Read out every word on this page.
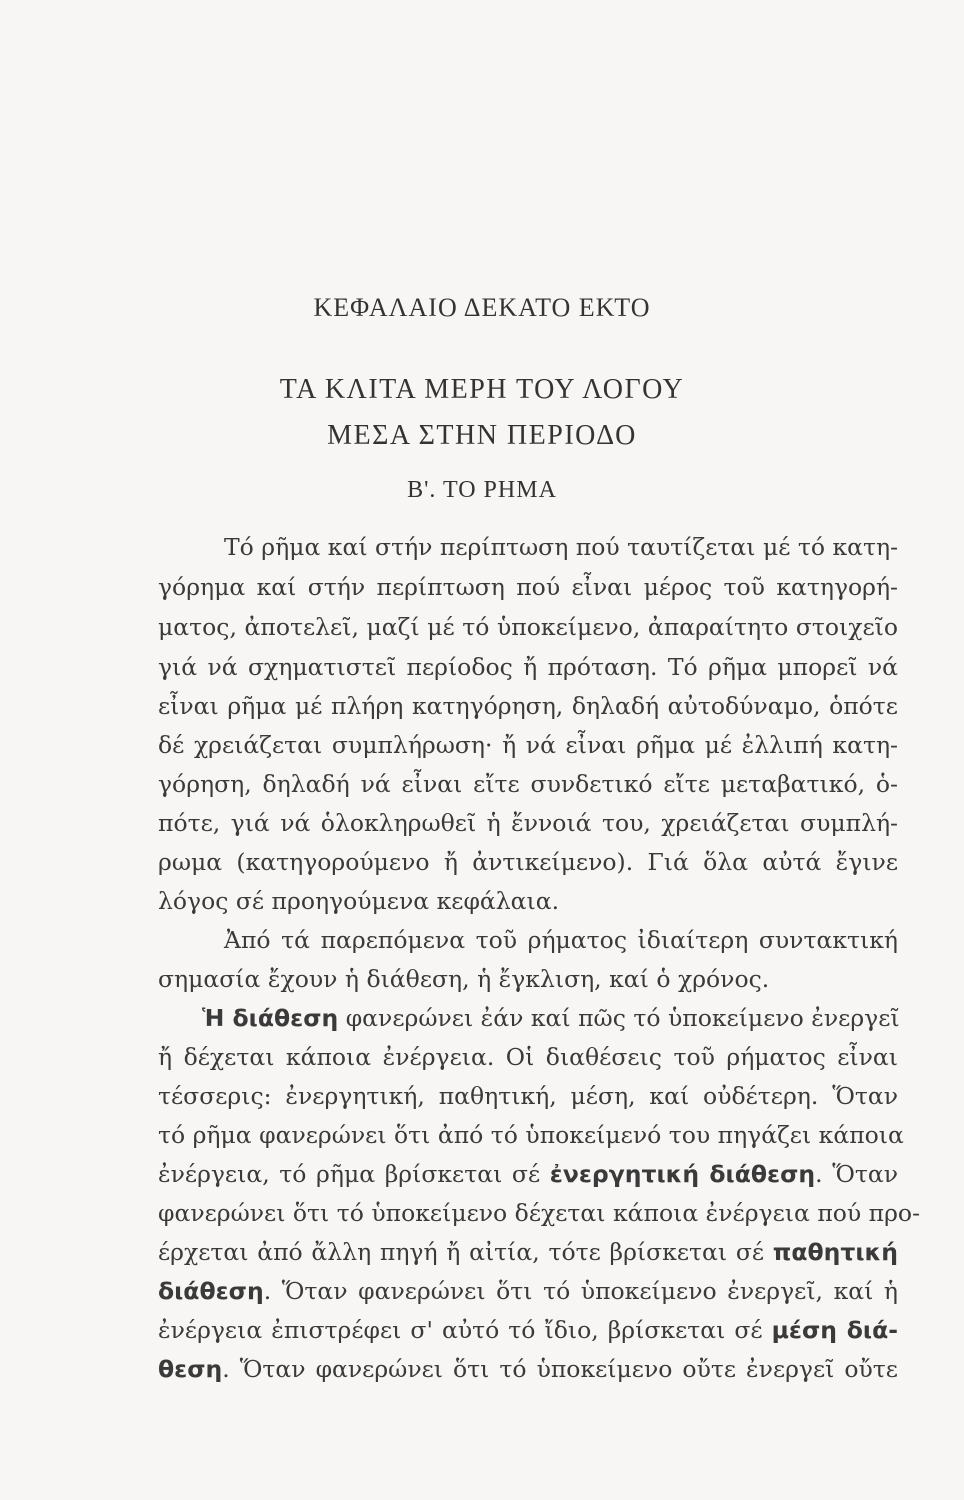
ΚΕΦΑΛΑΙΟ ΔΕΚΑΤΟ ΕΚΤΟ
ΤΑ ΚΛΙΤΑ ΜΕΡΗ ΤΟΥ ΛΟΓΟΥ
ΜΕΣΑ ΣΤΗΝ ΠΕΡΙΟΔΟ
Β'. ΤΟ ΡΗΜΑ
Τό ρῆμα καί στήν περίπτωση πού ταυτίζεται μέ τό κατη-
γόρημα καί στήν περίπτωση πού εἶναι μέρος τοῦ κατηγορή-
ματος, ἀποτελεῖ, μαζί μέ τό ὑποκείμενο, ἀπαραίτητο στοιχεῖο
γιά νά σχηματιστεῖ περίοδος ἤ πρόταση. Τό ρῆμα μπορεῖ νά
εἶναι ρῆμα μέ πλήρη κατηγόρηση, δηλαδή αὐτοδύναμο, ὁπότε
δέ χρειάζεται συμπλήρωση· ἤ νά εἶναι ρῆμα μέ ἐλλιπή κατη-
γόρηση, δηλαδή νά εἶναι εἴτε συνδετικό εἴτε μεταβατικό, ὁ-
πότε, γιά νά ὁλοκληρωθεῖ ἡ ἔννοιά του, χρειάζεται συμπλή-
ρωμα (κατηγορούμενο ἤ ἀντικείμενο). Γιά ὅλα αὐτά ἔγινε
λόγος σέ προηγούμενα κεφάλαια.
Ἀπό τά παρεπόμενα τοῦ ρήματος ἰδιαίτερη συντακτική
σημασία ἔχουν ἡ διάθεση, ἡ ἔγκλιση, καί ὁ χρόνος.
Ἡ διάθεση φανερώνει ἐάν καί πῶς τό ὑποκείμενο ἐνεργεῖ
ἤ δέχεται κάποια ἐνέργεια. Οἱ διαθέσεις τοῦ ρήματος εἶναι
τέσσερις: ἐνεργητική, παθητική, μέση, καί οὐδέτερη. Ὅταν
τό ρῆμα φανερώνει ὅτι ἀπό τό ὑποκείμενό του πηγάζει κάποια
ἐνέργεια, τό ρῆμα βρίσκεται σέ ἐνεργητική διάθεση. Ὅταν
φανερώνει ὅτι τό ὑποκείμενο δέχεται κάποια ἐνέργεια πού προ-
έρχεται ἀπό ἄλλη πηγή ἤ αἰτία, τότε βρίσκεται σέ παθητική
διάθεση. Ὅταν φανερώνει ὅτι τό ὑποκείμενο ἐνεργεῖ, καί ἡ
ἐνέργεια ἐπιστρέφει σ' αὐτό τό ἴδιο, βρίσκεται σέ μέση διά-
θεση. Ὅταν φανερώνει ὅτι τό ὑποκείμενο οὔτε ἐνεργεῖ οὔτε
